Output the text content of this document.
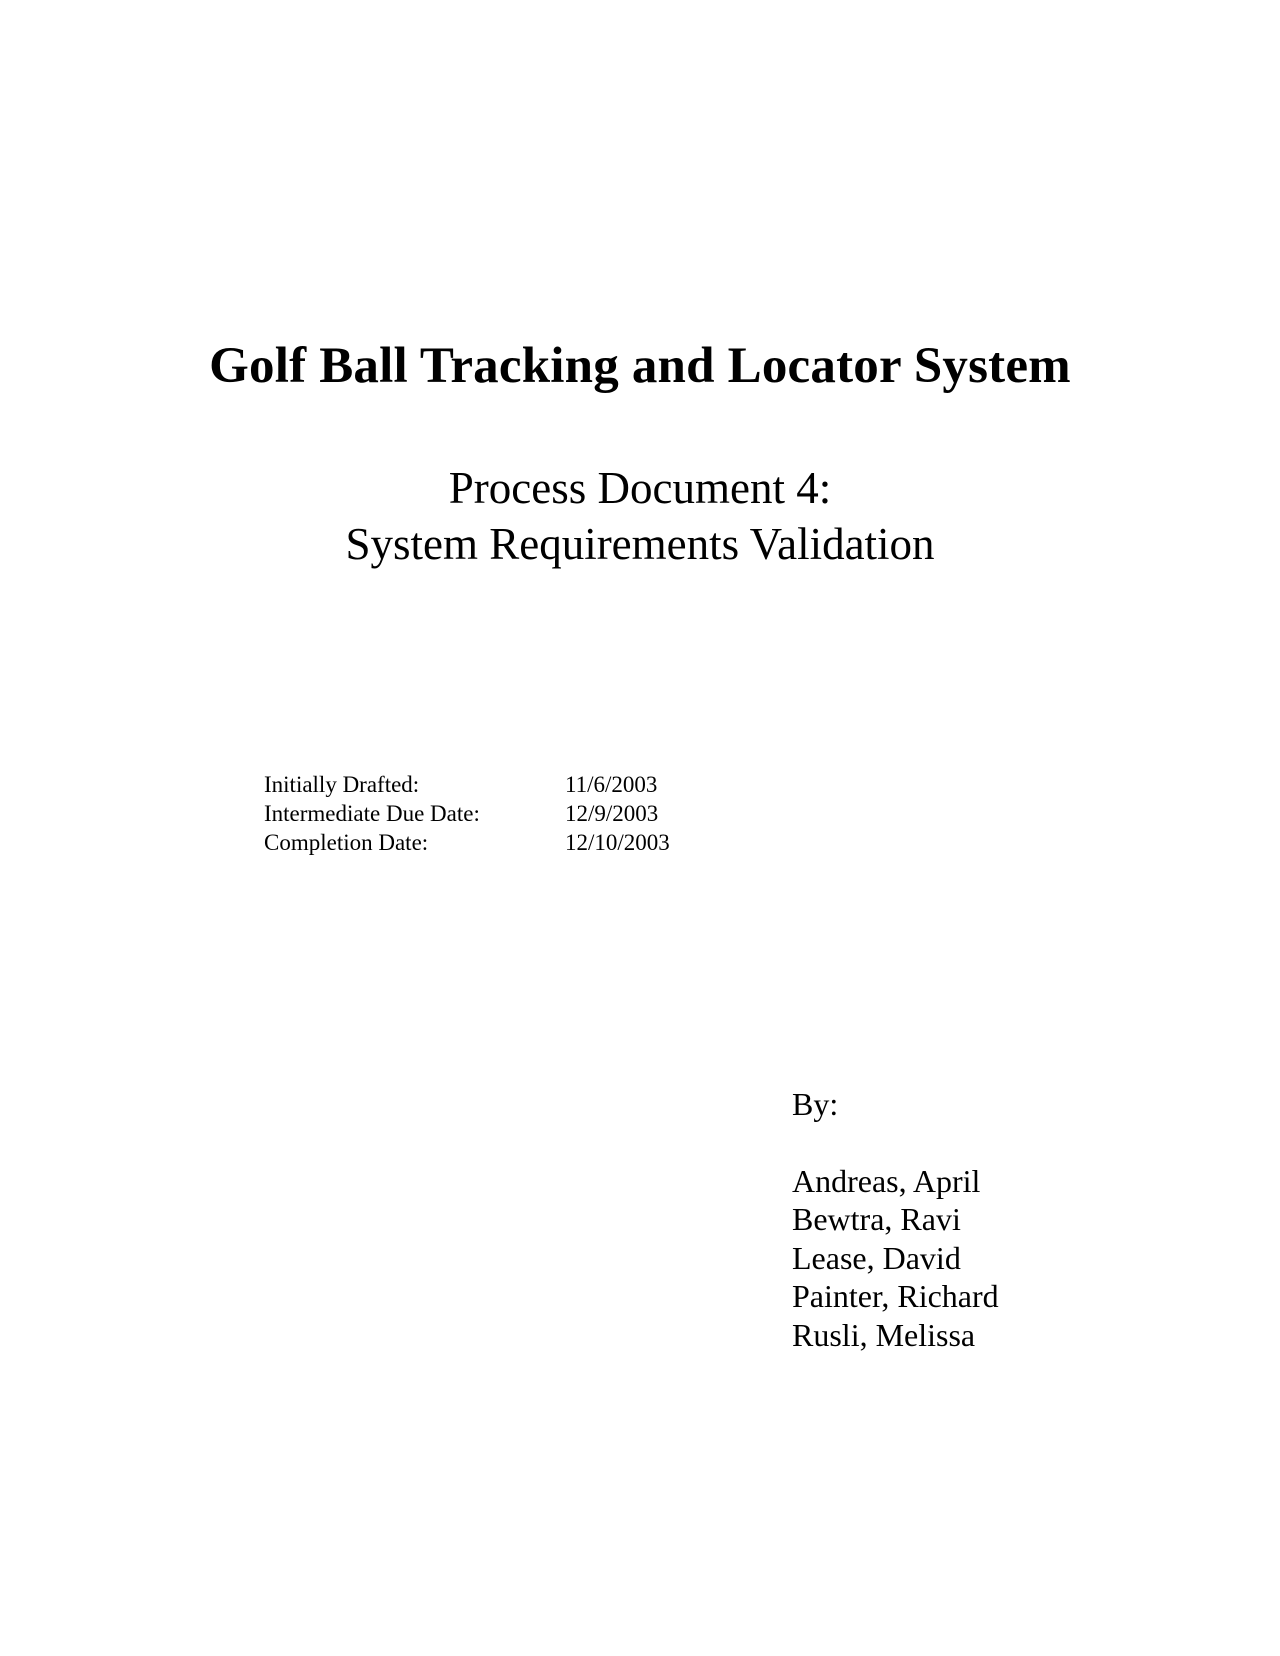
Golf Ball Tracking and Locator System
Process Document 4:
System Requirements Validation
Initially Drafted:	11/6/2003
Intermediate Due Date:	12/9/2003
Completion Date:	12/10/2003
By:
Andreas, April
Bewtra, Ravi
Lease, David
Painter, Richard
Rusli, Melissa
